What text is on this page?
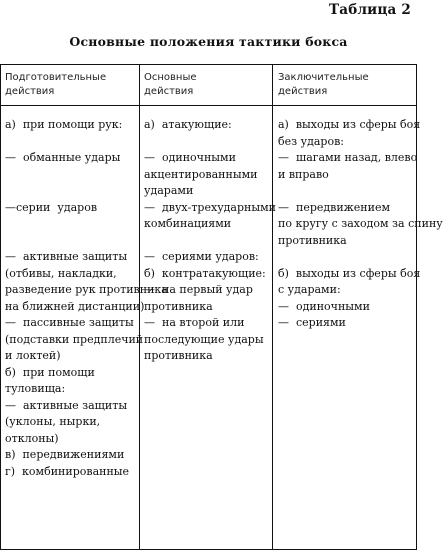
Таблица 2
Основные положения тактики бокса
Подготовительные
действия
Основные
действия
Заключительные
действия
а)  при помощи рук:
—  обманные удары
—серии  ударов
—  активные защиты
(отбивы, накладки,
разведение рук противника
на ближней дистанции)
—  пассивные защиты
(подставки предплечий
и локтей)
б)  при помощи
туловища:
—  активные защиты
(уклоны, нырки,
отклоны)
в)  передвижениями
г)  комбинированные
а)  атакующие:
—  одиночными
акцентированными
ударами
—  двух-трехударными
комбинациями
—  сериями ударов:
б)  контратакующие:
—  на первый удар
противника
—  на второй или
последующие удары
противника
а)  выходы из сферы боя
без ударов:
—  шагами назад, влево
и вправо
—  передвижением
по кругу с заходом за спину
противника
б)  выходы из сферы боя
с ударами:
—  одиночными
—  сериями
